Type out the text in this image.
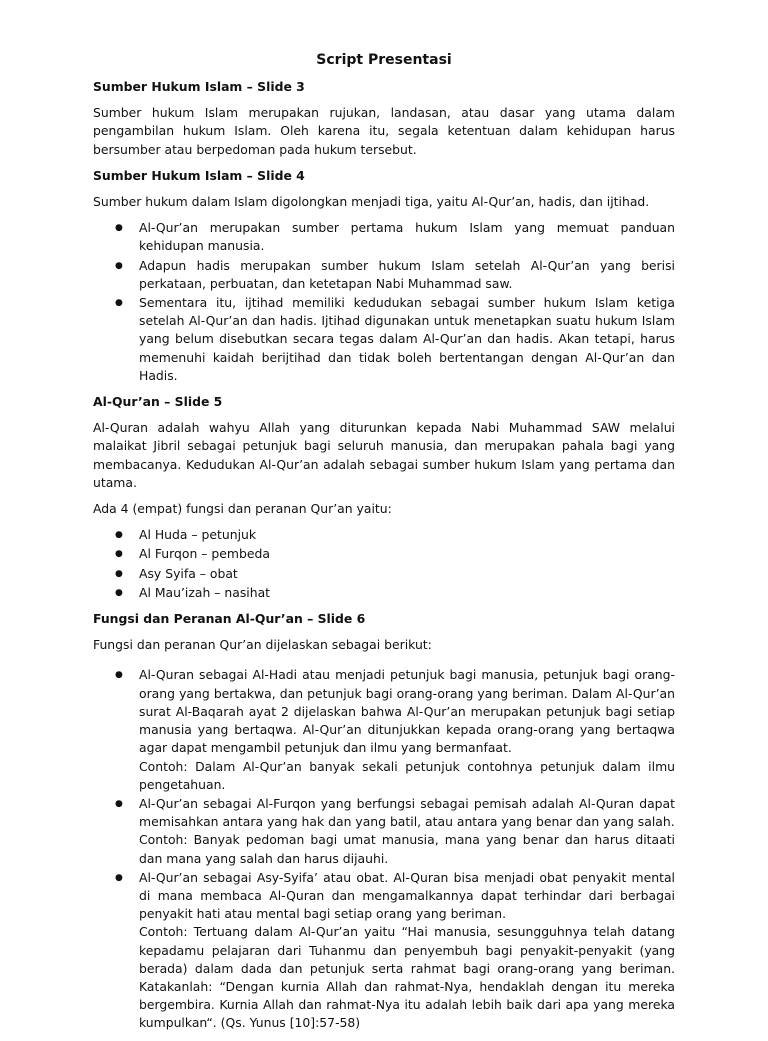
Script Presentasi
Sumber Hukum Islam – Slide 3
Sumber hukum Islam merupakan rujukan, landasan, atau dasar yang utama dalam pengambilan hukum Islam. Oleh karena itu, segala ketentuan dalam kehidupan harus bersumber atau berpedoman pada hukum tersebut.
Sumber Hukum Islam – Slide 4
Sumber hukum dalam Islam digolongkan menjadi tiga, yaitu Al-Qur’an, hadis, dan ijtihad.
● Al-Qur’an merupakan sumber pertama hukum Islam yang memuat panduan kehidupan manusia.
● Adapun hadis merupakan sumber hukum Islam setelah Al-Qur’an yang berisi perkataan, perbuatan, dan ketetapan Nabi Muhammad saw.
● Sementara itu, ijtihad memiliki kedudukan sebagai sumber hukum Islam ketiga setelah Al-Qur’an dan hadis. Ijtihad digunakan untuk menetapkan suatu hukum Islam yang belum disebutkan secara tegas dalam Al-Qur’an dan hadis. Akan tetapi, harus memenuhi kaidah berijtihad dan tidak boleh bertentangan dengan Al-Qur’an dan Hadis.
Al-Qur’an – Slide 5
Al-Quran adalah wahyu Allah yang diturunkan kepada Nabi Muhammad SAW melalui malaikat Jibril sebagai petunjuk bagi seluruh manusia, dan merupakan pahala bagi yang membacanya. Kedudukan Al-Qur’an adalah sebagai sumber hukum Islam yang pertama dan utama.
Ada 4 (empat) fungsi dan peranan Qur’an yaitu:
● Al Huda – petunjuk
● Al Furqon – pembeda
● Asy Syifa – obat
● Al Mau’izah – nasihat
Fungsi dan Peranan Al-Qur’an – Slide 6
Fungsi dan peranan Qur’an dijelaskan sebagai berikut:
● Al-Quran sebagai Al-Hadi atau menjadi petunjuk bagi manusia, petunjuk bagi orang-orang yang bertakwa, dan petunjuk bagi orang-orang yang beriman. Dalam Al-Qur’an surat Al-Baqarah ayat 2 dijelaskan bahwa Al-Qur’an merupakan petunjuk bagi setiap manusia yang bertaqwa. Al-Qur’an ditunjukkan kepada orang-orang yang bertaqwa agar dapat mengambil petunjuk dan ilmu yang bermanfaat.
Contoh: Dalam Al-Qur’an banyak sekali petunjuk contohnya petunjuk dalam ilmu pengetahuan.
● Al-Qur’an sebagai Al-Furqon yang berfungsi sebagai pemisah adalah Al-Quran dapat memisahkan antara yang hak dan yang batil, atau antara yang benar dan yang salah.
Contoh: Banyak pedoman bagi umat manusia, mana yang benar dan harus ditaati dan mana yang salah dan harus dijauhi.
● Al-Qur’an sebagai Asy-Syifa’ atau obat. Al-Quran bisa menjadi obat penyakit mental di mana membaca Al-Quran dan mengamalkannya dapat terhindar dari berbagai penyakit hati atau mental bagi setiap orang yang beriman.
Contoh: Tertuang dalam Al-Qur’an yaitu “Hai manusia, sesungguhnya telah datang kepadamu pelajaran dari Tuhanmu dan penyembuh bagi penyakit-penyakit (yang berada) dalam dada dan petunjuk serta rahmat bagi orang-orang yang beriman. Katakanlah: “Dengan kurnia Allah dan rahmat-Nya, hendaklah dengan itu mereka bergembira. Kurnia Allah dan rahmat-Nya itu adalah lebih baik dari apa yang mereka kumpulkan“. (Qs. Yunus [10]:57-58)
